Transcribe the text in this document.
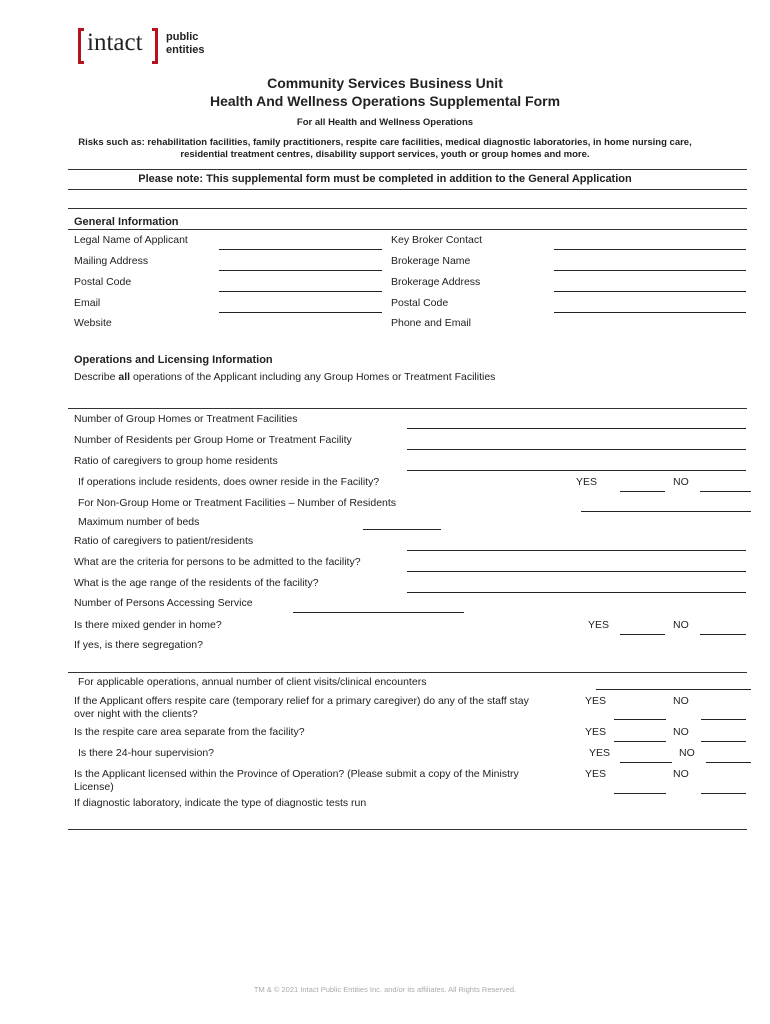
intact public
entities
Community Services Business Unit
Health And Wellness Operations Supplemental Form
For all Health and Wellness Operations
Risks such as: rehabilitation facilities, family practitioners, respite care facilities, medical diagnostic laboratories, in home nursing care,
residential treatment centres, disability support services, youth or group homes and more.
Please note: This supplemental form must be completed in addition to the General Application
General Information
Legal Name of Applicant	Key Broker Contact
Mailing Address	Brokerage Name
Postal Code	Brokerage Address
Email	Postal Code
Website	Phone and Email
Operations and Licensing Information
Describe all operations of the Applicant including any Group Homes or Treatment Facilities
Number of Group Homes or Treatment Facilities
Number of Residents per Group Home or Treatment Facility
Ratio of caregivers to group home residents
If operations include residents, does owner reside in the Facility?	YES	NO
For Non-Group Home or Treatment Facilities – Number of Residents
Maximum number of beds
Ratio of caregivers to patient/residents
What are the criteria for persons to be admitted to the facility?
What is the age range of the residents of the facility?
Number of Persons Accessing Service
Is there mixed gender in home?	YES	NO
If yes, is there segregation?
For applicable operations, annual number of client visits/clinical encounters
If the Applicant offers respite care (temporary relief for a primary caregiver) do any of the staff stay
over night with the clients?
YES	NO
Is the respite care area separate from the facility?	YES	NO
Is there 24-hour supervision?	YES	NO
Is the Applicant licensed within the Province of Operation? (Please submit a copy of the Ministry
License)
YES	NO
If diagnostic laboratory, indicate the type of diagnostic tests run
TM & © 2021 Intact Public Entities Inc. and/or its affiliates. All Rights Reserved.
